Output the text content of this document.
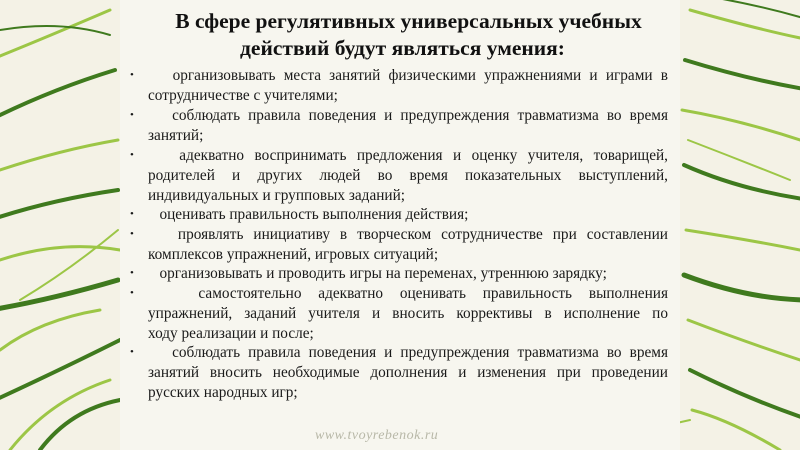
В сфере регулятивных универсальных учебных
действий будут являться умения:
• организовывать места занятий физическими упражнениями и играми в
сотрудничестве с учителями;
• соблюдать правила поведения и предупреждения травматизма во время
занятий;
• адекватно воспринимать предложения и оценку учителя, товарищей,
родителей и других людей во время показательных выступлений,
индивидуальных и групповых заданий;
• оценивать правильность выполнения действия;
• проявлять инициативу в творческом сотрудничестве при составлении
комплексов упражнений, игровых ситуаций;
• организовывать и проводить игры на переменах, утреннюю зарядку;
• самостоятельно адекватно оценивать правильность выполнения
упражнений, заданий учителя и вносить коррективы в исполнение по
ходу реализации и после;
• соблюдать правила поведения и предупреждения травматизма во время
занятий вносить необходимые дополнения и изменения при проведении
русских народных игр;
www.tvoyrebenok.ru
